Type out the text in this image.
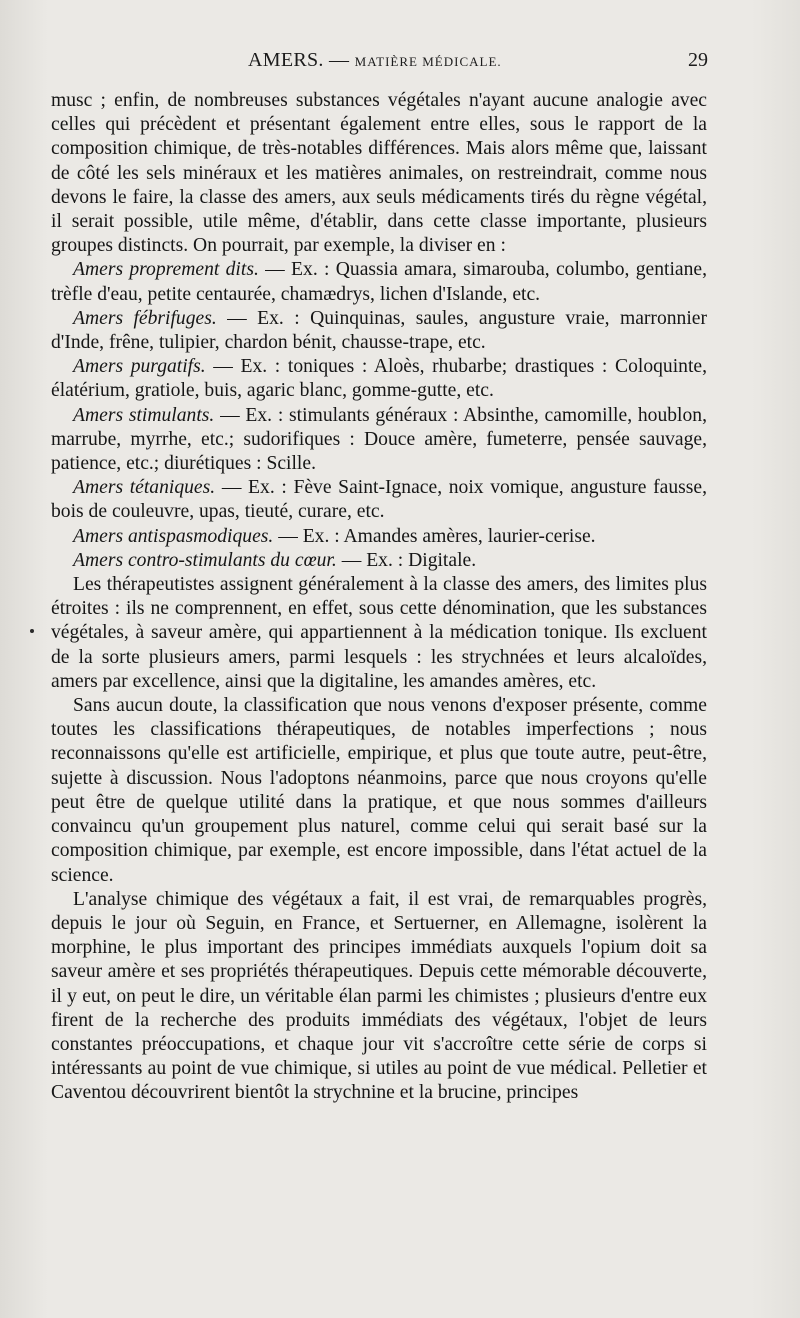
AMERS. — MATIÈRE MÉDICALE.	29

musc ; enfin, de nombreuses substances végétales n'ayant aucune analogie avec celles qui précèdent et présentant également entre elles, sous le rapport de la composition chimique, de très-notables différences. Mais alors même que, laissant de côté les sels minéraux et les matières animales, on restreindrait, comme nous devons le faire, la classe des amers, aux seuls médicaments tirés du règne végétal, il serait possible, utile même, d'établir, dans cette classe importante, plusieurs groupes distincts. On pourrait, par exemple, la diviser en :

Amers proprement dits. — Ex. : Quassia amara, simarouba, columbo, gentiane, trèfle d'eau, petite centaurée, chamædrys, lichen d'Islande, etc.

Amers fébrifuges. — Ex. : Quinquinas, saules, angusture vraie, marronnier d'Inde, frêne, tulipier, chardon bénit, chausse-trape, etc.

Amers purgatifs. — Ex. : toniques : Aloès, rhubarbe; drastiques : Coloquinte, élatérium, gratiole, buis, agaric blanc, gomme-gutte, etc.

Amers stimulants. — Ex. : stimulants généraux : Absinthe, camomille, houblon, marrube, myrrhe, etc.; sudorifiques : Douce amère, fumeterre, pensée sauvage, patience, etc.; diurétiques : Scille.

Amers tétaniques. — Ex. : Fève Saint-Ignace, noix vomique, angusture fausse, bois de couleuvre, upas, tieuté, curare, etc.

Amers antispasmodiques. — Ex. : Amandes amères, laurier-cerise.

Amers contro-stimulants du cœur. — Ex. : Digitale.

Les thérapeutistes assignent généralement à la classe des amers, des limites plus étroites : ils ne comprennent, en effet, sous cette dénomination, que les substances végétales, à saveur amère, qui appartiennent à la médication tonique. Ils excluent de la sorte plusieurs amers, parmi lesquels : les strychnées et leurs alcaloïdes, amers par excellence, ainsi que la digitaline, les amandes amères, etc.

Sans aucun doute, la classification que nous venons d'exposer présente, comme toutes les classifications thérapeutiques, de notables imperfections ; nous reconnaissons qu'elle est artificielle, empirique, et plus que toute autre, peut-être, sujette à discussion. Nous l'adoptons néanmoins, parce que nous croyons qu'elle peut être de quelque utilité dans la pratique, et que nous sommes d'ailleurs convaincu qu'un groupement plus naturel, comme celui qui serait basé sur la composition chimique, par exemple, est encore impossible, dans l'état actuel de la science.

L'analyse chimique des végétaux a fait, il est vrai, de remarquables progrès, depuis le jour où Seguin, en France, et Sertuerner, en Allemagne, isolèrent la morphine, le plus important des principes immédiats auxquels l'opium doit sa saveur amère et ses propriétés thérapeutiques. Depuis cette mémorable découverte, il y eut, on peut le dire, un véritable élan parmi les chimistes ; plusieurs d'entre eux firent de la recherche des produits immédiats des végétaux, l'objet de leurs constantes préoccupations, et chaque jour vit s'accroître cette série de corps si intéressants au point de vue chimique, si utiles au point de vue médical. Pelletier et Caventou découvrirent bientôt la strychnine et la brucine, principes
